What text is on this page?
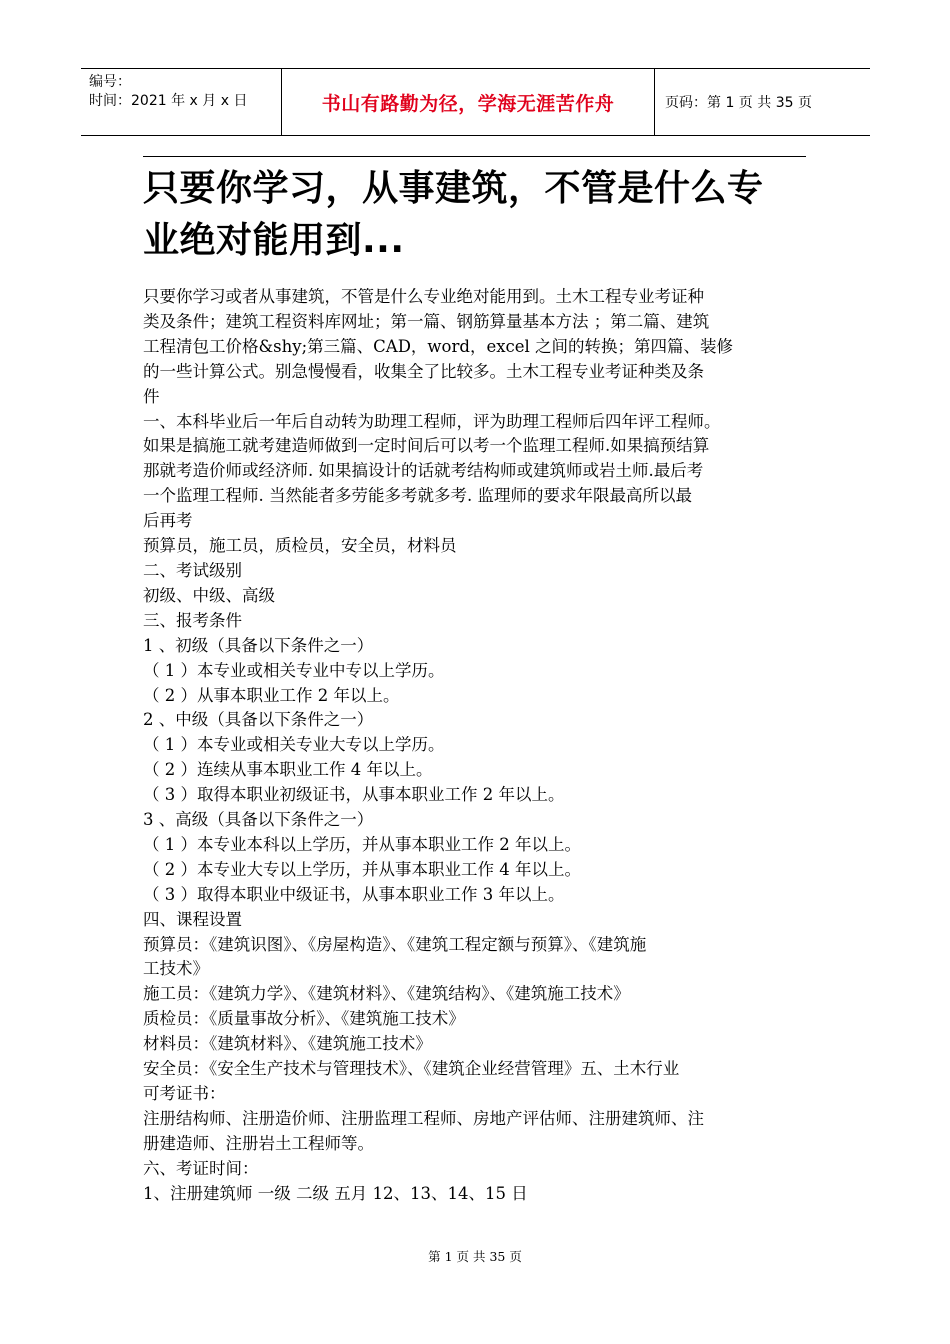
编号：
时间：2021 年 x 月 x 日	书山有路勤为径，学海无涯苦作舟	页码：第 1 页 共 35 页
只要你学习，从事建筑，不管是什么专
业绝对能用到...

只要你学习或者从事建筑，不管是什么专业绝对能用到。土木工程专业考证种

类及条件；建筑工程资料库网址；第一篇、钢筋算量基本方法 ；第二篇、建筑

工程清包工价格&shy;第三篇、CAD，word，excel 之间的转换；第四篇、装修

的一些计算公式。别急慢慢看，收集全了比较多。土木工程专业考证种类及条

件

一、本科毕业后一年后自动转为助理工程师，评为助理工程师后四年评工程师。

如果是搞施工就考建造师做到一定时间后可以考一个监理工程师.如果搞预结算

那就考造价师或经济师. 如果搞设计的话就考结构师或建筑师或岩土师.最后考

一个监理工程师. 当然能者多劳能多考就多考. 监理师的要求年限最高所以最

后再考

预算员，施工员，质检员，安全员，材料员

二、考试级别

初级、中级、高级

三、报考条件

1 、初级（具备以下条件之一）

（ 1 ）本专业或相关专业中专以上学历。

（ 2 ）从事本职业工作 2 年以上。

2 、中级（具备以下条件之一）

（ 1 ）本专业或相关专业大专以上学历。

（ 2 ）连续从事本职业工作 4 年以上。

（ 3 ）取得本职业初级证书，从事本职业工作 2 年以上。

3 、高级（具备以下条件之一）

（ 1 ）本专业本科以上学历，并从事本职业工作 2 年以上。

（ 2 ）本专业大专以上学历，并从事本职业工作 4 年以上。

（ 3 ）取得本职业中级证书，从事本职业工作 3 年以上。

四、课程设置

预算员：《建筑识图》、《房屋构造》、《建筑工程定额与预算》、《建筑施

工技术》

施工员：《建筑力学》、《建筑材料》、《建筑结构》、《建筑施工技术》

质检员：《质量事故分析》、《建筑施工技术》

材料员：《建筑材料》、《建筑施工技术》

安全员：《安全生产技术与管理技术》、《建筑企业经营管理》五、土木行业

可考证书：

注册结构师、注册造价师、注册监理工程师、房地产评估师、注册建筑师、注

册建造师、注册岩土工程师等。

六、考证时间：

1、注册建筑师 一级 二级 五月 12、13、14、15 日

第 1 页 共 35 页
